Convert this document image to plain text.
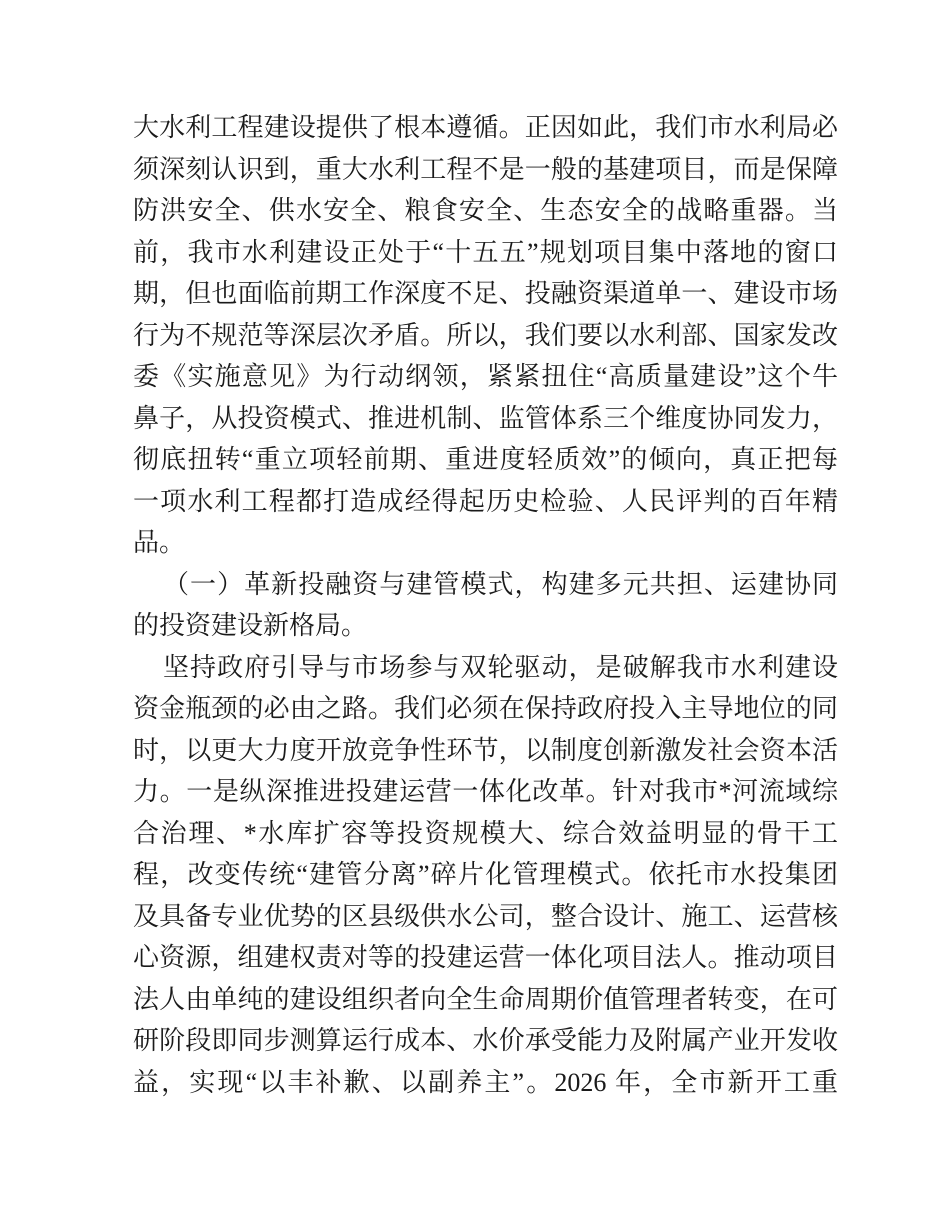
大水利工程建设提供了根本遵循。正因如此，我们市水利局必
须深刻认识到，重大水利工程不是一般的基建项目，而是保障
防洪安全、供水安全、粮食安全、生态安全的战略重器。当
前，我市水利建设正处于“十五五”规划项目集中落地的窗口
期，但也面临前期工作深度不足、投融资渠道单一、建设市场
行为不规范等深层次矛盾。所以，我们要以水利部、国家发改
委《实施意见》为行动纲领，紧紧扭住“高质量建设”这个牛
鼻子，从投资模式、推进机制、监管体系三个维度协同发力，
彻底扭转“重立项轻前期、重进度轻质效”的倾向，真正把每
一项水利工程都打造成经得起历史检验、人民评判的百年精
品。
（一）革新投融资与建管模式，构建多元共担、运建协同
的投资建设新格局。
坚持政府引导与市场参与双轮驱动，是破解我市水利建设
资金瓶颈的必由之路。我们必须在保持政府投入主导地位的同
时，以更大力度开放竞争性环节，以制度创新激发社会资本活
力。一是纵深推进投建运营一体化改革。针对我市*河流域综
合治理、*水库扩容等投资规模大、综合效益明显的骨干工
程，改变传统“建管分离”碎片化管理模式。依托市水投集团
及具备专业优势的区县级供水公司，整合设计、施工、运营核
心资源，组建权责对等的投建运营一体化项目法人。推动项目
法人由单纯的建设组织者向全生命周期价值管理者转变，在可
研阶段即同步测算运行成本、水价承受能力及附属产业开发收
益，实现“以丰补歉、以副养主”。2026 年，全市新开工重
